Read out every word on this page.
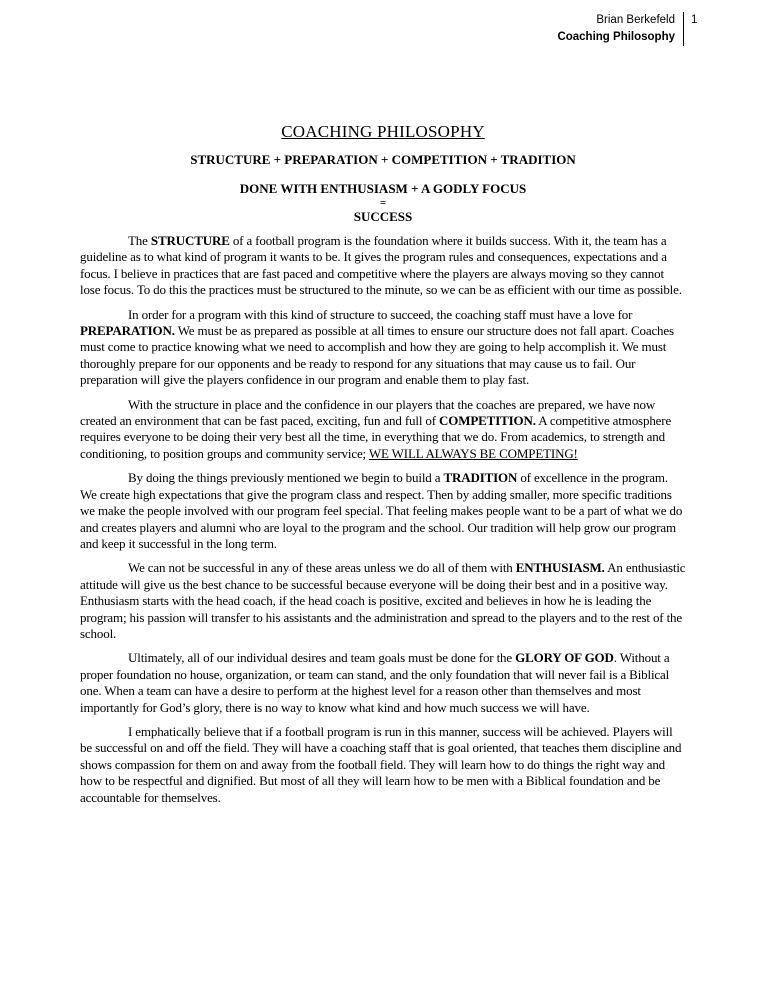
Brian Berkefeld
Coaching Philosophy
1
COACHING PHILOSOPHY
STRUCTURE + PREPARATION + COMPETITION + TRADITION
DONE WITH ENTHUSIASM + A GODLY FOCUS
=
SUCCESS

The STRUCTURE of a football program is the foundation where it builds success. With it, the team has a guideline as to what kind of program it wants to be. It gives the program rules and consequences, expectations and a focus. I believe in practices that are fast paced and competitive where the players are always moving so they cannot lose focus. To do this the practices must be structured to the minute, so we can be as efficient with our time as possible.

In order for a program with this kind of structure to succeed, the coaching staff must have a love for PREPARATION. We must be as prepared as possible at all times to ensure our structure does not fall apart. Coaches must come to practice knowing what we need to accomplish and how they are going to help accomplish it. We must thoroughly prepare for our opponents and be ready to respond for any situations that may cause us to fail. Our preparation will give the players confidence in our program and enable them to play fast.

With the structure in place and the confidence in our players that the coaches are prepared, we have now created an environment that can be fast paced, exciting, fun and full of COMPETITION. A competitive atmosphere requires everyone to be doing their very best all the time, in everything that we do. From academics, to strength and conditioning, to position groups and community service; WE WILL ALWAYS BE COMPETING!

By doing the things previously mentioned we begin to build a TRADITION of excellence in the program. We create high expectations that give the program class and respect. Then by adding smaller, more specific traditions we make the people involved with our program feel special. That feeling makes people want to be a part of what we do and creates players and alumni who are loyal to the program and the school. Our tradition will help grow our program and keep it successful in the long term.

We can not be successful in any of these areas unless we do all of them with ENTHUSIASM. An enthusiastic attitude will give us the best chance to be successful because everyone will be doing their best and in a positive way. Enthusiasm starts with the head coach, if the head coach is positive, excited and believes in how he is leading the program; his passion will transfer to his assistants and the administration and spread to the players and to the rest of the school.

Ultimately, all of our individual desires and team goals must be done for the GLORY OF GOD. Without a proper foundation no house, organization, or team can stand, and the only foundation that will never fail is a Biblical one. When a team can have a desire to perform at the highest level for a reason other than themselves and most importantly for God’s glory, there is no way to know what kind and how much success we will have.

I emphatically believe that if a football program is run in this manner, success will be achieved. Players will be successful on and off the field. They will have a coaching staff that is goal oriented, that teaches them discipline and shows compassion for them on and away from the football field. They will learn how to do things the right way and how to be respectful and dignified. But most of all they will learn how to be men with a Biblical foundation and be accountable for themselves.
